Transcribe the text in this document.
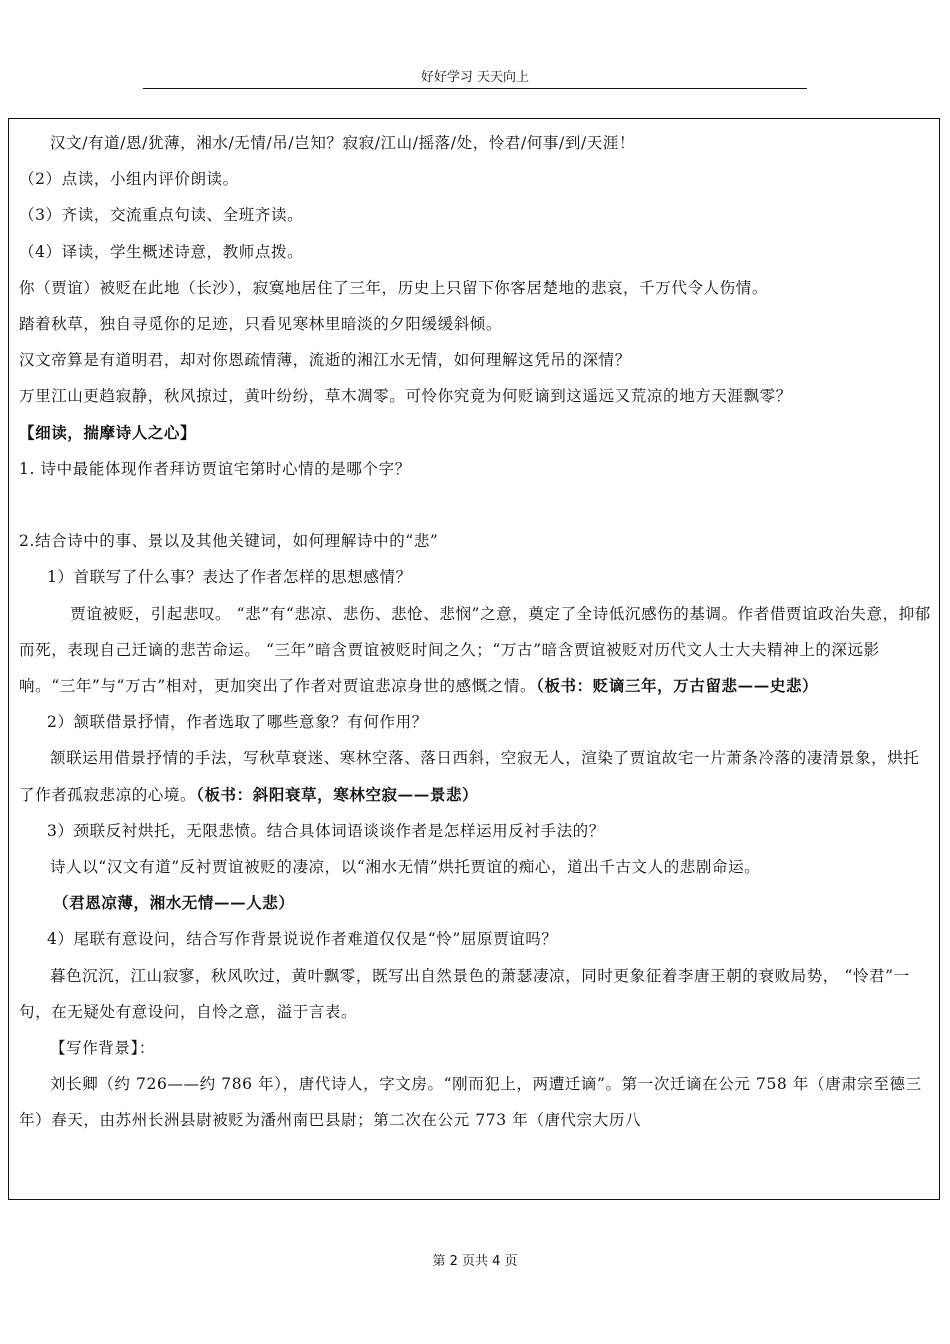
好好学习 天天向上

汉文/有道/恩/犹薄，湘水/无情/吊/岂知？寂寂/江山/摇落/处，怜君/何事/到/天涯！

（2）点读，小组内评价朗读。

（3）齐读，交流重点句读、全班齐读。

（4）译读，学生概述诗意，教师点拨。

你（贾谊）被贬在此地（长沙），寂寞地居住了三年，历史上只留下你客居楚地的悲哀，千万代令人伤情。

踏着秋草，独自寻觅你的足迹，只看见寒林里暗淡的夕阳缓缓斜倾。

汉文帝算是有道明君，却对你恩疏情薄，流逝的湘江水无情，如何理解这凭吊的深情？

万里江山更趋寂静，秋风掠过，黄叶纷纷，草木凋零。可怜你究竟为何贬谪到这遥远又荒凉的地方天涯飘零？

【细读，揣摩诗人之心】

1. 诗中最能体现作者拜访贾谊宅第时心情的是哪个字？

2.结合诗中的事、景以及其他关键词，如何理解诗中的“悲”

1）首联写了什么事？表达了作者怎样的思想感情？

贾谊被贬，引起悲叹。 “悲”有“悲凉、悲伤、悲怆、悲悯”之意，奠定了全诗低沉感伤的基调。作者借贾谊政治失意，抑郁而死，表现自己迁谪的悲苦命运。 “三年”暗含贾谊被贬时间之久；“万古”暗含贾谊被贬对历代文人士大夫精神上的深远影响。“三年”与“万古”相对，更加突出了作者对贾谊悲凉身世的感慨之情。（板书：贬谪三年，万古留悲——史悲）

2）颔联借景抒情，作者选取了哪些意象？有何作用？

颔联运用借景抒情的手法，写秋草衰迷、寒林空落、落日西斜，空寂无人，渲染了贾谊故宅一片萧条冷落的凄清景象，烘托了作者孤寂悲凉的心境。（板书：斜阳衰草，寒林空寂——景悲）

3）颈联反衬烘托，无限悲愤。结合具体词语谈谈作者是怎样运用反衬手法的？

诗人以“汉文有道”反衬贾谊被贬的凄凉，以“湘水无情”烘托贾谊的痴心，道出千古文人的悲剧命运。

（君恩凉薄，湘水无情——人悲）

4）尾联有意设问，结合写作背景说说作者难道仅仅是“怜”屈原贾谊吗？

暮色沉沉，江山寂寥，秋风吹过，黄叶飘零，既写出自然景色的萧瑟凄凉，同时更象征着李唐王朝的衰败局势， “怜君”一句，在无疑处有意设问，自怜之意，溢于言表。

【写作背景】：

刘长卿（约 726——约 786 年），唐代诗人，字文房。“刚而犯上，两遭迁谪”。第一次迁谪在公元 758 年（唐肃宗至德三年）春天，由苏州长洲县尉被贬为潘州南巴县尉；第二次在公元 773 年（唐代宗大历八

第 2 页共 4 页
